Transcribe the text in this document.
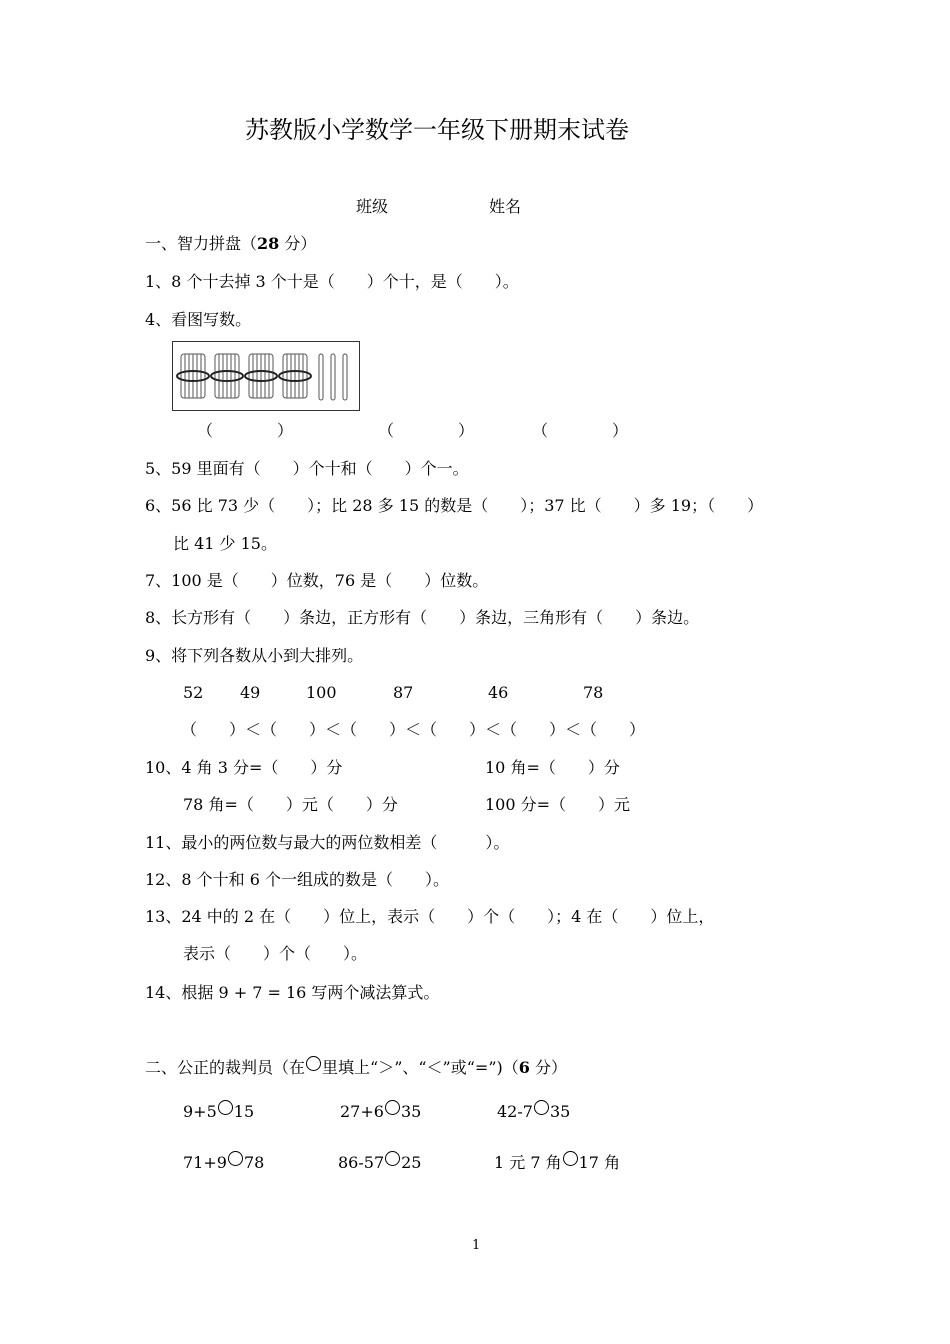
苏教版小学数学一年级下册期末试卷
班级	姓名
一、智力拼盘（28 分）
1、8 个十去掉 3 个十是（　　）个十，是（　　）。
4、看图写数。
（　　　　）	（　　　　）	（　　　　）
5、59 里面有（　　）个十和（　　）个一。
6、56 比 73 少（　　）；比 28 多 15 的数是（　　）；37 比（　　）多 19；（　　）
比 41 少 15。
7、100 是（　　）位数，76 是（　　）位数。
8、长方形有（　　）条边，正方形有（　　）条边，三角形有（　　）条边。
9、将下列各数从小到大排列。
52 49	100	87	46	78
（　　）＜（　　）＜（　　）＜（　　）＜（　　）＜（　　）
10、4 角 3 分=（　　）分	10 角=（　　）分
78 角=（　　）元（　　）分	100 分=（　　）元
11、最小的两位数与最大的两位数相差（　　　）。
12、8 个十和 6 个一组成的数是（　　）。
13、24 中的 2 在（　　）位上，表示（　　）个（　　）；4 在（　　）位上，
表示（　　）个（　　）。
14、根据 9 + 7 = 16 写两个减法算式。
二、公正的裁判员（在 里填上“＞”、“＜”或“=”)（6 分）
9+5 15	27+6 35	42-7 35
71+9 78	86-57 25	1 元 7 角 17 角
1
